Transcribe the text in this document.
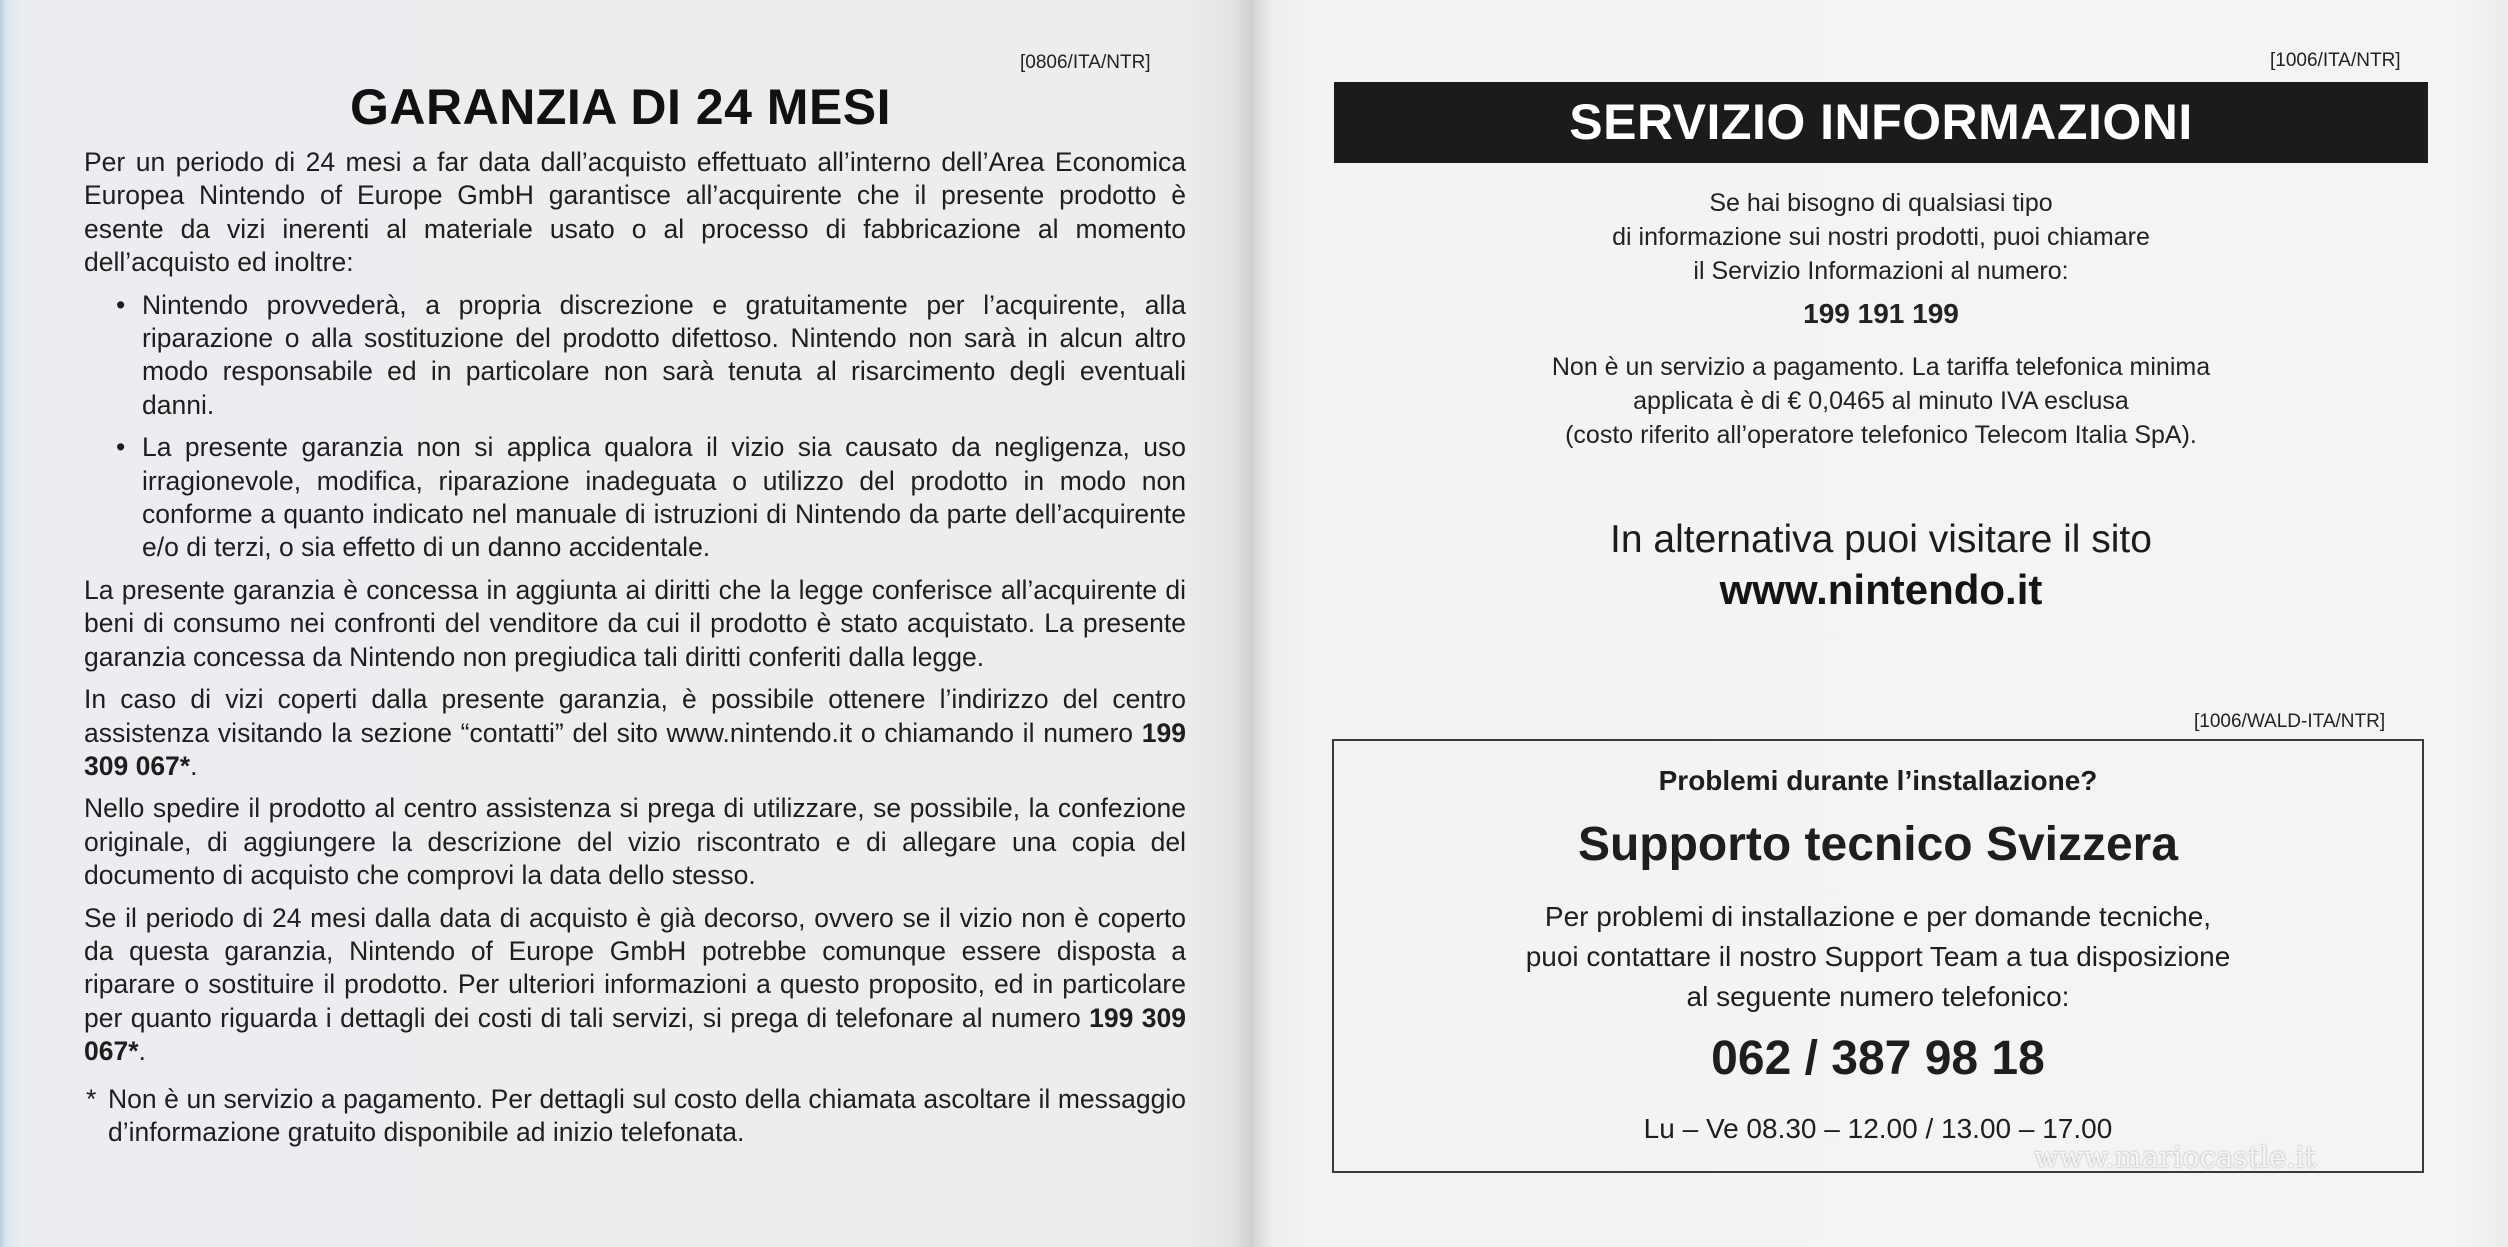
[0806/ITA/NTR]
GARANZIA DI 24 MESI

Per un periodo di 24 mesi a far data dall’acquisto effettuato all’interno dell’Area Economica Europea Nintendo of Europe GmbH garantisce all’acquirente che il presente prodotto è esente da vizi inerenti al materiale usato o al processo di fabbricazione al momento dell’acquisto ed inoltre:

• Nintendo provvederà, a propria discrezione e gratuitamente per l’acquirente, alla riparazione o alla sostituzione del prodotto difettoso. Nintendo non sarà in alcun altro modo responsabile ed in particolare non sarà tenuta al risarcimento degli eventuali danni.
• La presente garanzia non si applica qualora il vizio sia causato da negligenza, uso irragionevole, modifica, riparazione inadeguata o utilizzo del prodotto in modo non conforme a quanto indicato nel manuale di istruzioni di Nintendo da parte dell’acquirente e/o di terzi, o sia effetto di un danno accidentale.

La presente garanzia è concessa in aggiunta ai diritti che la legge conferisce all’acquirente di beni di consumo nei confronti del venditore da cui il prodotto è stato acquistato. La presente garanzia concessa da Nintendo non pregiudica tali diritti conferiti dalla legge.

In caso di vizi coperti dalla presente garanzia, è possibile ottenere l’indirizzo del centro assistenza visitando la sezione “contatti” del sito www.nintendo.it o chiamando il numero 199 309 067*.

Nello spedire il prodotto al centro assistenza si prega di utilizzare, se possibile, la confezione originale, di aggiungere la descrizione del vizio riscontrato e di allegare una copia del documento di acquisto che comprovi la data dello stesso.

Se il periodo di 24 mesi dalla data di acquisto è già decorso, ovvero se il vizio non è coperto da questa garanzia, Nintendo of Europe GmbH potrebbe comunque essere disposta a riparare o sostituire il prodotto. Per ulteriori informazioni a questo proposito, ed in particolare per quanto riguarda i dettagli dei costi di tali servizi, si prega di telefonare al numero 199 309 067*.

* Non è un servizio a pagamento. Per dettagli sul costo della chiamata ascoltare il messaggio d’informazione gratuito disponibile ad inizio telefonata.
[1006/ITA/NTR]
SERVIZIO INFORMAZIONI
Se hai bisogno di qualsiasi tipo
di informazione sui nostri prodotti, puoi chiamare
il Servizio Informazioni al numero:
199 191 199
Non è un servizio a pagamento. La tariffa telefonica minima
applicata è di € 0,0465 al minuto IVA esclusa
(costo riferito all’operatore telefonico Telecom Italia SpA).
In alternativa puoi visitare il sito
www.nintendo.it
[1006/WALD-ITA/NTR]
Problemi durante l’installazione?
Supporto tecnico Svizzera
Per problemi di installazione e per domande tecniche,
puoi contattare il nostro Support Team a tua disposizione
al seguente numero telefonico:
062 / 387 98 18
Lu – Ve 08.30 – 12.00 / 13.00 – 17.00
www.mariocastle.it
